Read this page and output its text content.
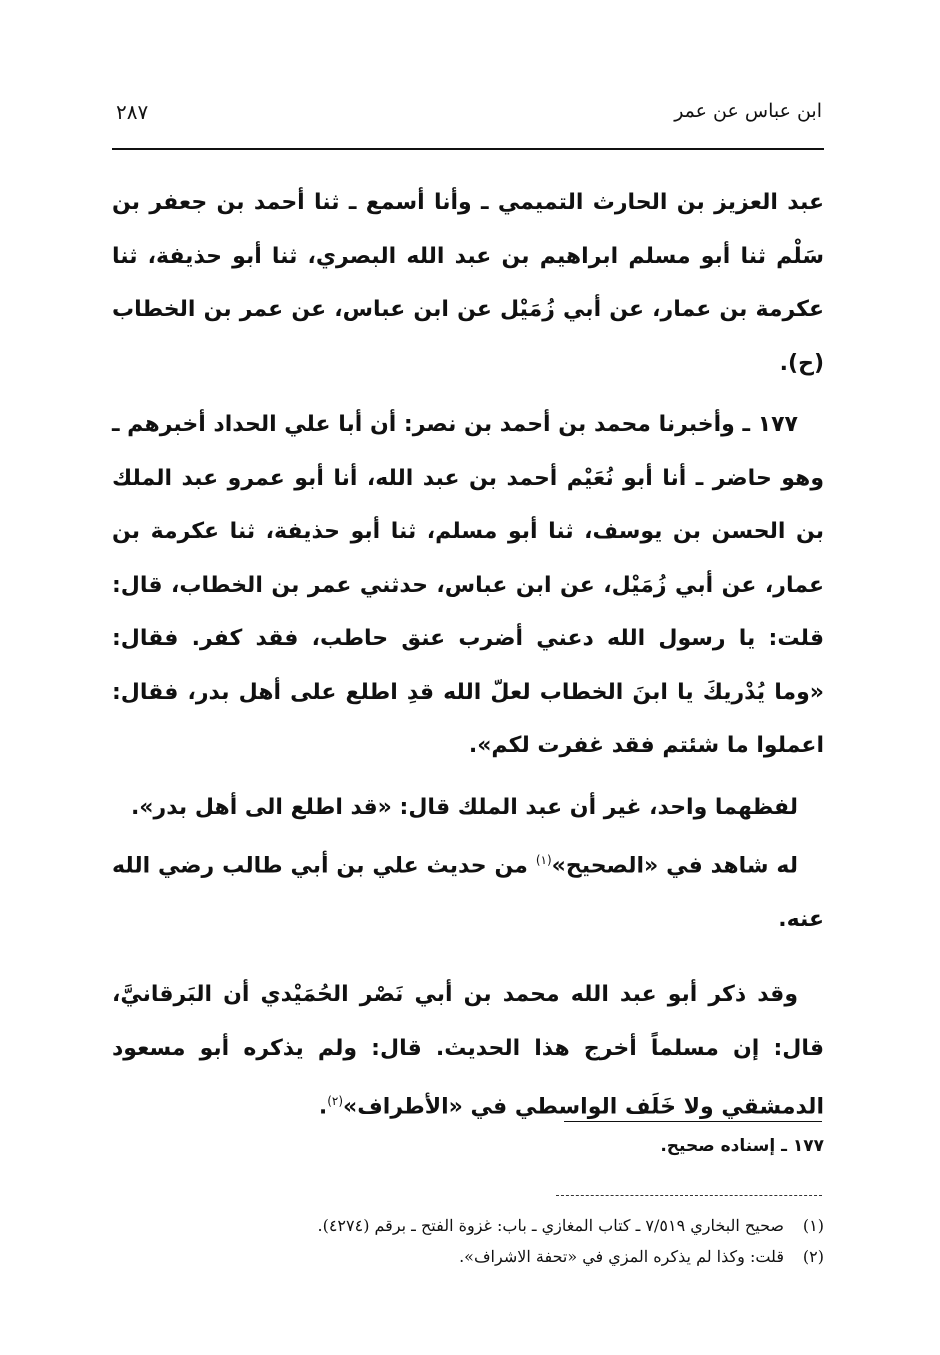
ابن عباس عن عمر
٢٨٧

عبد العزيز بن الحارث التميمي ـ وأنا أسمع ـ ثنا أحمد بن جعفر بن سَلْم ثنا أبو مسلم ابراهيم بن عبد الله البصري، ثنا أبو حذيفة، ثنا عكرمة بن عمار، عن أبي زُمَيْل عن ابن عباس، عن عمر بن الخطاب (ح).

١٧٧ ـ وأخبرنا محمد بن أحمد بن نصر: أن أبا علي الحداد أخبرهم ـ وهو حاضر ـ أنا أبو نُعَيْم أحمد بن عبد الله، أنا أبو عمرو عبد الملك بن الحسن بن يوسف، ثنا أبو مسلم، ثنا أبو حذيفة، ثنا عكرمة بن عمار، عن أبي زُمَيْل، عن ابن عباس، حدثني عمر بن الخطاب، قال: قلت: يا رسول الله دعني أضرب عنق حاطب، فقد كفر. فقال: «وما يُدْريكَ يا ابنَ الخطاب لعلّ الله قدِ اطلع على أهل بدر، فقال: اعملوا ما شئتم فقد غفرت لكم».

لفظهما واحد، غير أن عبد الملك قال: «قد اطلع الى أهل بدر».

له شاهد في «الصحيح»$^{(١)}$ من حديث علي بن أبي طالب رضي الله عنه.

وقد ذكر أبو عبد الله محمد بن أبي نَصْر الحُمَيْدي أن البَرقانيَّ، قال: إن مسلماً أخرج هذا الحديث. قال: ولم يذكره أبو مسعود الدمشقي ولا خَلَف الواسطي في «الأطراف»$^{(٢)}$.

١٧٧ ـ إسناده صحيح.

(١)صحيح البخاري ٧/٥١٩ ـ كتاب المغازي ـ باب: غزوة الفتح ـ برقم (٤٢٧٤).

(٢)قلت: وكذا لم يذكره المزي في «تحفة الاشراف».
